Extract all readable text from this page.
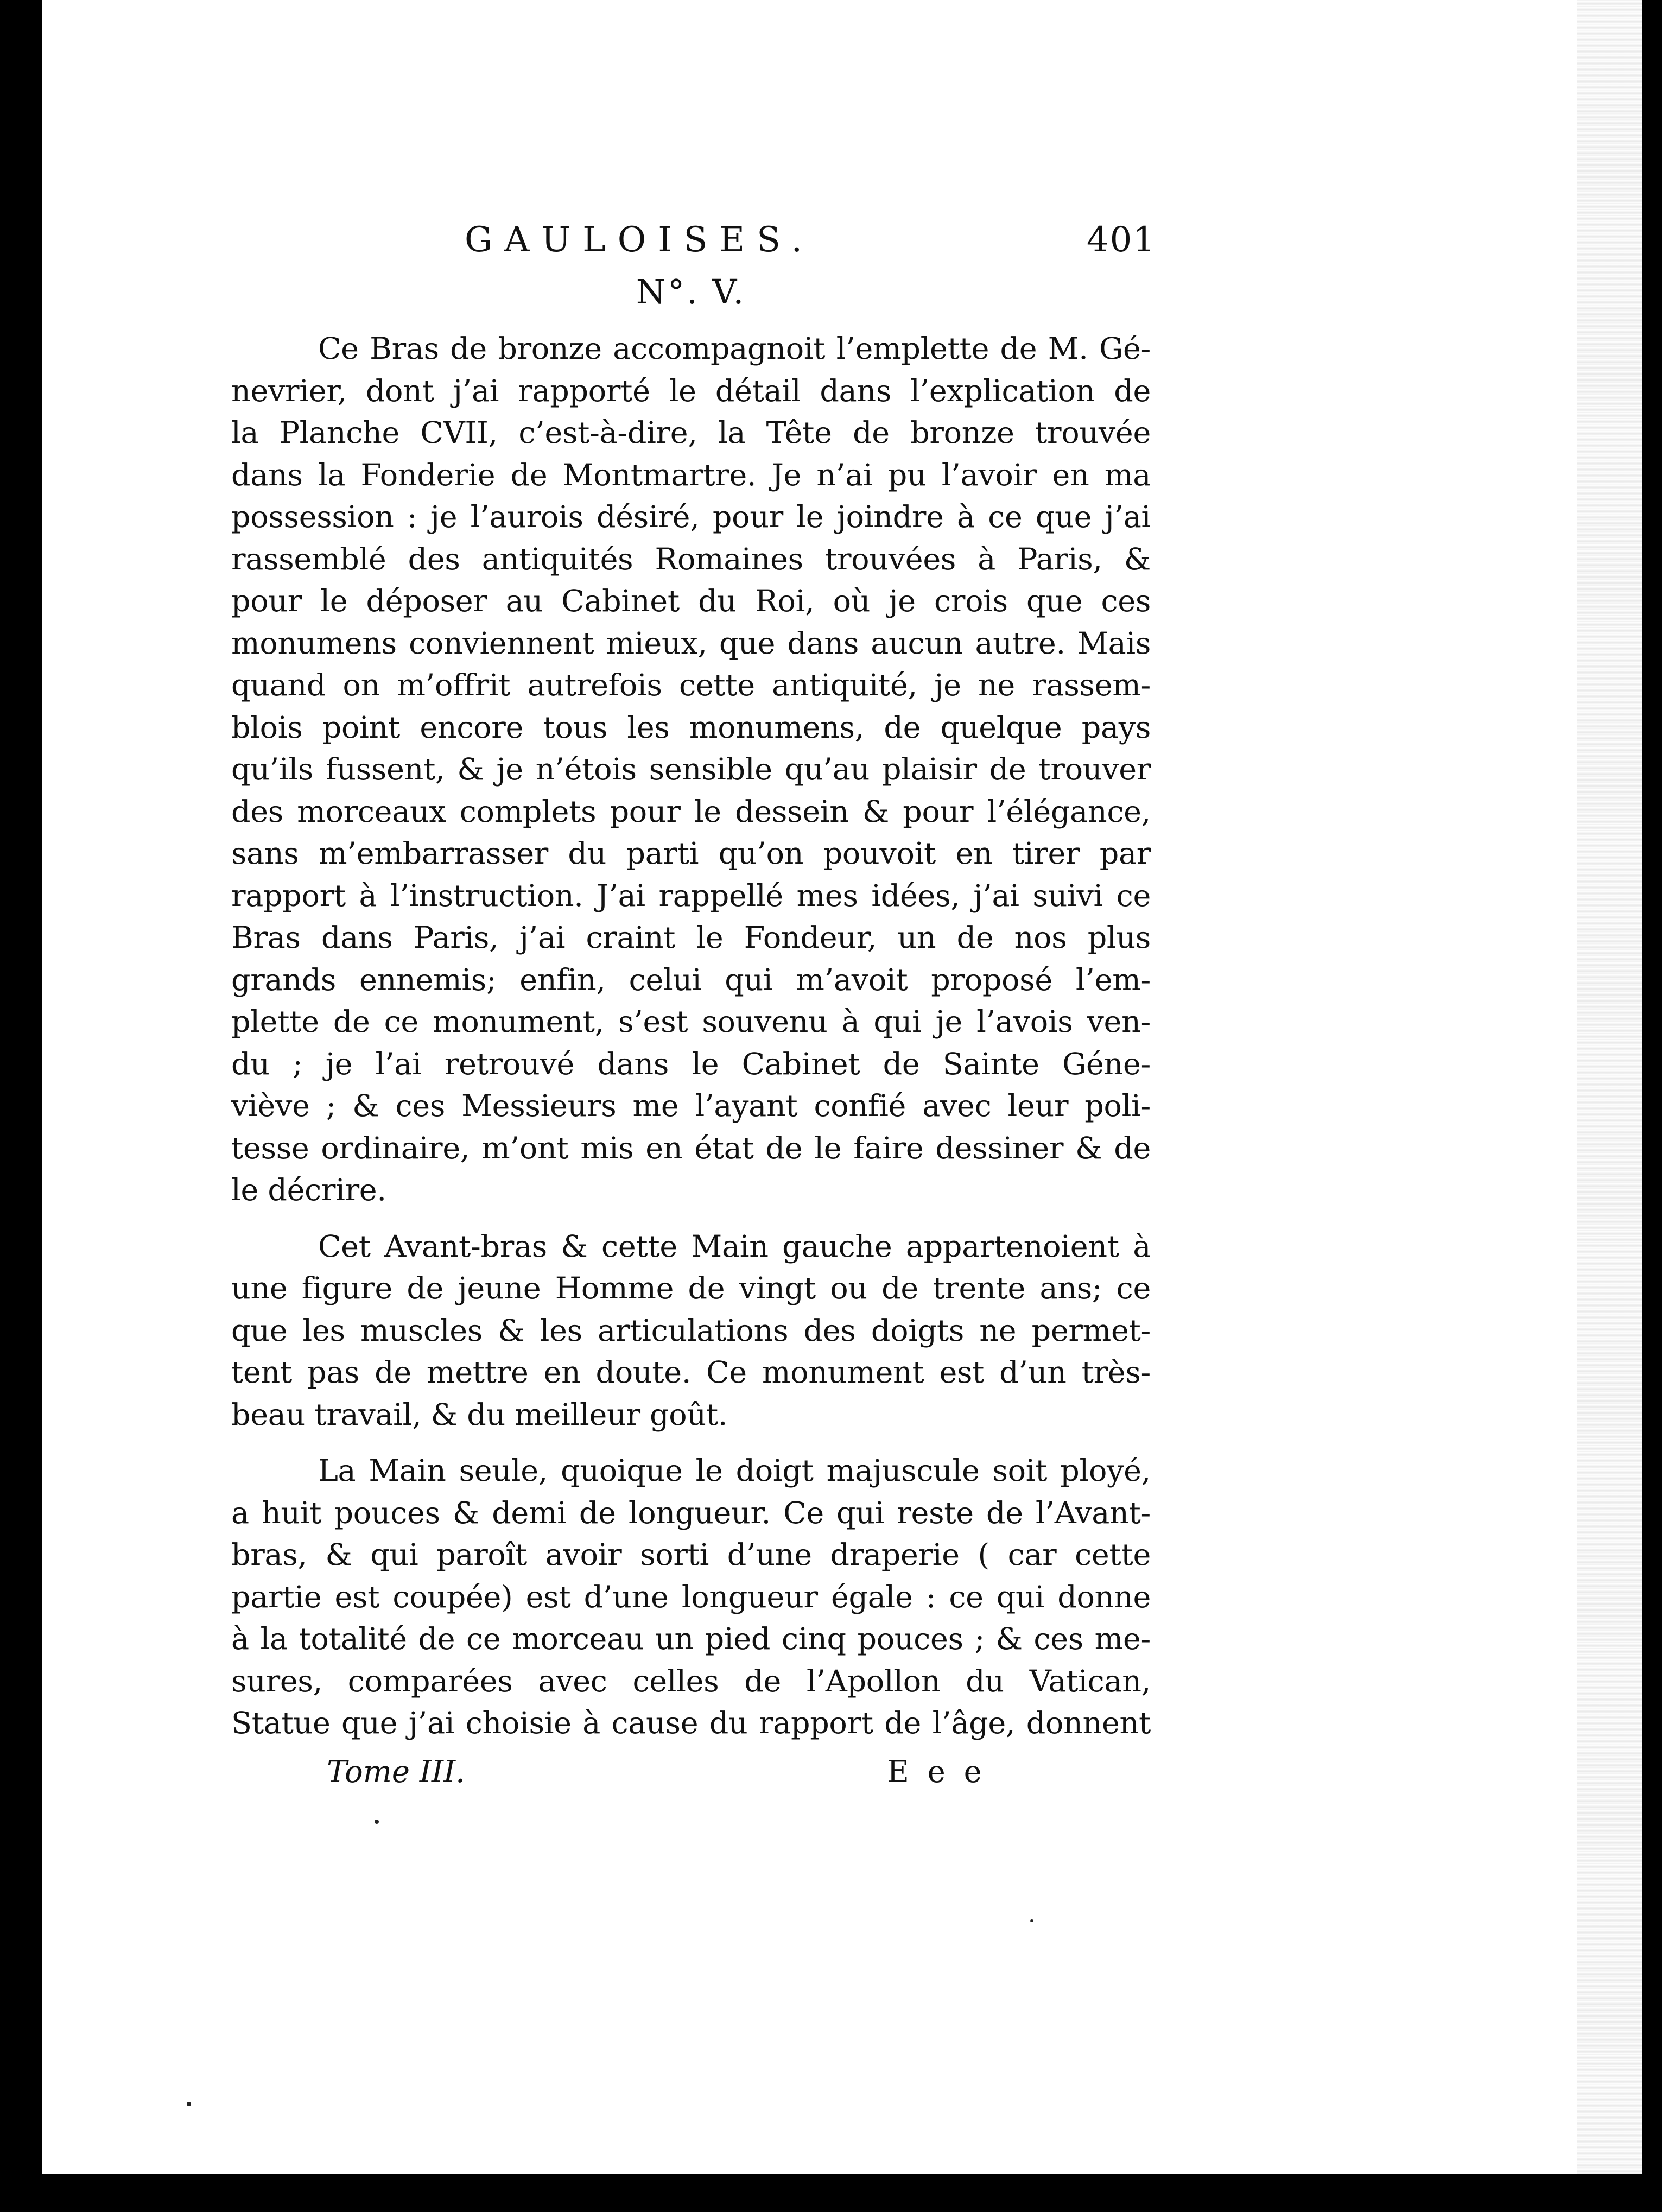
GAULOISES.	401
N°. V.

Ce Bras de bronze accompagnoit l’emplette de M. Gé-
nevrier, dont j’ai rapporté le détail dans l’explication de
la Planche CVII, c’est-à-dire, la Tête de bronze trouvée
dans la Fonderie de Montmartre. Je n’ai pu l’avoir en ma
possession : je l’aurois désiré, pour le joindre à ce que j’ai
rassemblé des antiquités Romaines trouvées à Paris, &
pour le déposer au Cabinet du Roi, où je crois que ces
monumens conviennent mieux, que dans aucun autre. Mais
quand on m’offrit autrefois cette antiquité, je ne rassem-
blois point encore tous les monumens, de quelque pays
qu’ils fussent, & je n’étois sensible qu’au plaisir de trouver
des morceaux complets pour le dessein & pour l’élégance,
sans m’embarrasser du parti qu’on pouvoit en tirer par
rapport à l’instruction. J’ai rappellé mes idées, j’ai suivi ce
Bras dans Paris, j’ai craint le Fondeur, un de nos plus
grands ennemis; enfin, celui qui m’avoit proposé l’em-
plette de ce monument, s’est souvenu à qui je l’avois ven-
du ; je l’ai retrouvé dans le Cabinet de Sainte Géne-
viève ; & ces Messieurs me l’ayant confié avec leur poli-
tesse ordinaire, m’ont mis en état de le faire dessiner & de
le décrire.

Cet Avant-bras & cette Main gauche appartenoient à
une figure de jeune Homme de vingt ou de trente ans; ce
que les muscles & les articulations des doigts ne permet-
tent pas de mettre en doute. Ce monument est d’un très-
beau travail, & du meilleur goût.

La Main seule, quoique le doigt majuscule soit ployé,
a huit pouces & demi de longueur. Ce qui reste de l’Avant-
bras, & qui paroît avoir sorti d’une draperie ( car cette
partie est coupée) est d’une longueur égale : ce qui donne
à la totalité de ce morceau un pied cinq pouces ; & ces me-
sures, comparées avec celles de l’Apollon du Vatican,
Statue que j’ai choisie à cause du rapport de l’âge, donnent

Tome III.	E e e
